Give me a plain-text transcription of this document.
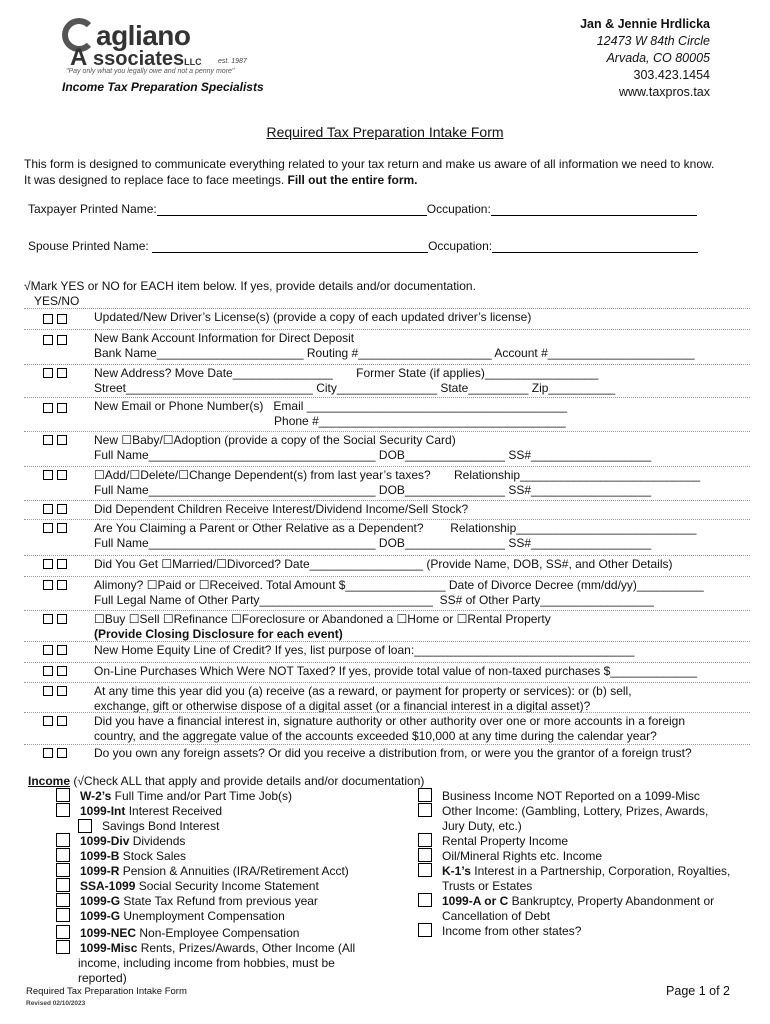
agliano
A ssociatesLLC est. 1987
"Pay only what you legally owe and not a penny more"
Income Tax Preparation Specialists
Jan & Jennie Hrdlicka
12473 W 84th Circle
Arvada, CO 80005
303.423.1454
www.taxpros.tax
Required Tax Preparation Intake Form
This form is designed to communicate everything related to your tax return and make us aware of all information we need to know.
It was designed to replace face to face meetings. Fill out the entire form.
Taxpayer Printed Name:	Occupation:
Spouse Printed Name:	Occupation:
√Mark YES or NO for EACH item below. If yes, provide details and/or documentation.
YES/NO
Updated/New Driver’s License(s) (provide a copy of each updated driver’s license)
New Bank Account Information for Direct Deposit
Bank Name______________________ Routing #____________________ Account #______________________
New Address? Move Date_______________       Former State (if applies)_________________
Street____________________________ City_______________ State_________ Zip__________
New Email or Phone Number(s)   Email _______________________________________
Phone #_____________________________________
New ☐Baby/☐Adoption (provide a copy of the Social Security Card)
Full Name__________________________________ DOB_______________ SS#__________________
☐Add/☐Delete/☐Change Dependent(s) from last year’s taxes?       Relationship___________________________
Full Name__________________________________ DOB_______________ SS#__________________
Did Dependent Children Receive Interest/Dividend Income/Sell Stock?
Are You Claiming a Parent or Other Relative as a Dependent?        Relationship___________________________
Full Name__________________________________ DOB_______________ SS#__________________
Did You Get ☐Married/☐Divorced? Date_________________ (Provide Name, DOB, SS#, and Other Details)
Alimony? ☐Paid or ☐Received. Total Amount $_______________ Date of Divorce Decree (mm/dd/yy)__________
Full Legal Name of Other Party__________________________  SS# of Other Party_________________
☐Buy ☐Sell ☐Refinance ☐Foreclosure or Abandoned a ☐Home or ☐Rental Property
New Home Equity Line of Credit? If yes, list purpose of loan:_________________________________
On-Line Purchases Which Were NOT Taxed? If yes, provide total value of non-taxed purchases $_____________
At any time this year did you (a) receive (as a reward, or payment for property or services): or (b) sell,
exchange, gift or otherwise dispose of a digital asset (or a financial interest in a digital asset)?
Did you have a financial interest in, signature authority or other authority over one or more accounts in a foreign
country, and the aggregate value of the accounts exceeded $10,000 at any time during the calendar year?
Do you own any foreign assets? Or did you receive a distribution from, or were you the grantor of a foreign trust?
(Provide Closing Disclosure for each event)
Income (√Check ALL that apply and provide details and/or documentation)
W-2’s Full Time and/or Part Time Job(s)
1099-Int Interest Received
1099-Div Dividends
1099-B Stock Sales
1099-R Pension & Annuities (IRA/Retirement Acct)
SSA-1099 Social Security Income Statement
1099-G State Tax Refund from previous year
1099-G Unemployment Compensation
1099-NEC Non-Employee Compensation
1099-Misc Rents, Prizes/Awards, Other Income (All
Savings Bond Interest
income, including income from hobbies, must be
reported)
Business Income NOT Reported on a 1099-Misc
Other Income: (Gambling, Lottery, Prizes, Awards,
Rental Property Income
Oil/Mineral Rights etc. Income
K-1’s Interest in a Partnership, Corporation, Royalties,
1099-A or C Bankruptcy, Property Abandonment or
Income from other states?
Jury Duty, etc.)
Trusts or Estates
Cancellation of Debt
Required Tax Preparation Intake Form
Revised 02/10/2023
Page 1 of 2
